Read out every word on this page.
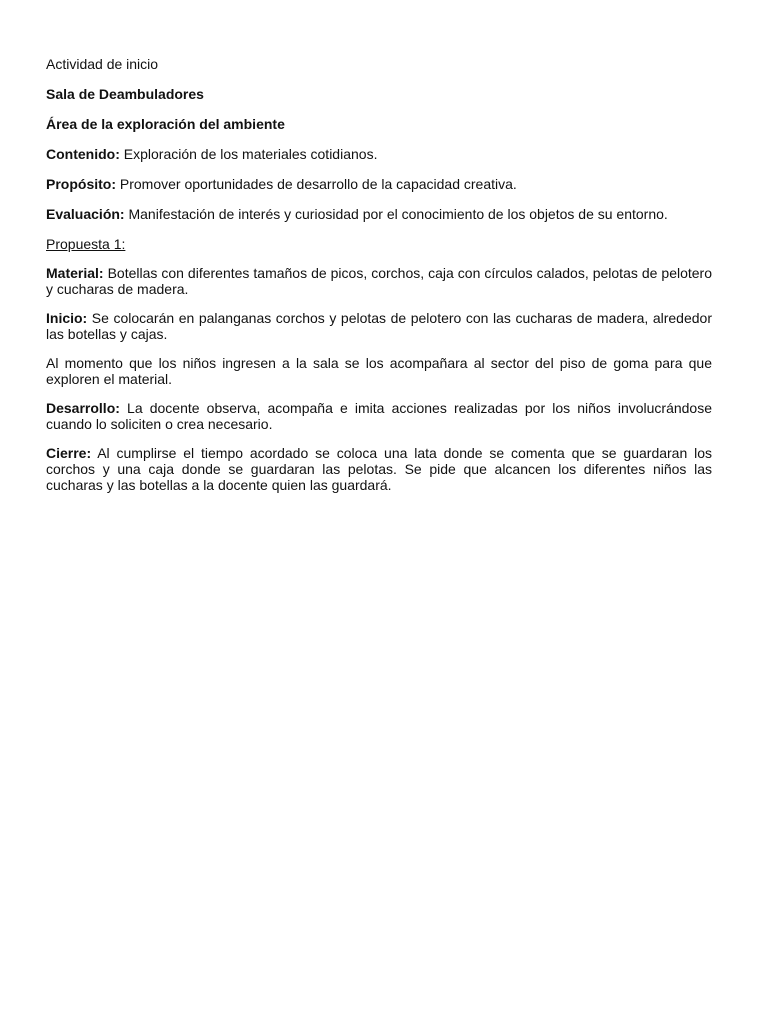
Actividad de inicio

Sala de Deambuladores

Área de la exploración del ambiente

Contenido: Exploración de los materiales cotidianos.

Propósito: Promover oportunidades de desarrollo de la capacidad creativa.

Evaluación: Manifestación de interés y curiosidad por el conocimiento de los objetos de su entorno.

Propuesta 1:

Material: Botellas con diferentes tamaños de picos, corchos, caja con círculos calados, pelotas de pelotero y cucharas de madera.

Inicio: Se colocarán en palanganas corchos y pelotas de pelotero con las cucharas de madera, alrededor las botellas y cajas.

Al momento que los niños ingresen a la sala se los acompañara al sector del piso de goma para que exploren el material.

Desarrollo: La docente observa, acompaña e imita acciones realizadas por los niños involucrándose cuando lo soliciten o crea necesario.

Cierre: Al cumplirse el tiempo acordado se coloca una lata donde se comenta que se guardaran los corchos y una caja donde se guardaran las pelotas. Se pide que alcancen los diferentes niños las cucharas y las botellas a la docente quien las guardará.
